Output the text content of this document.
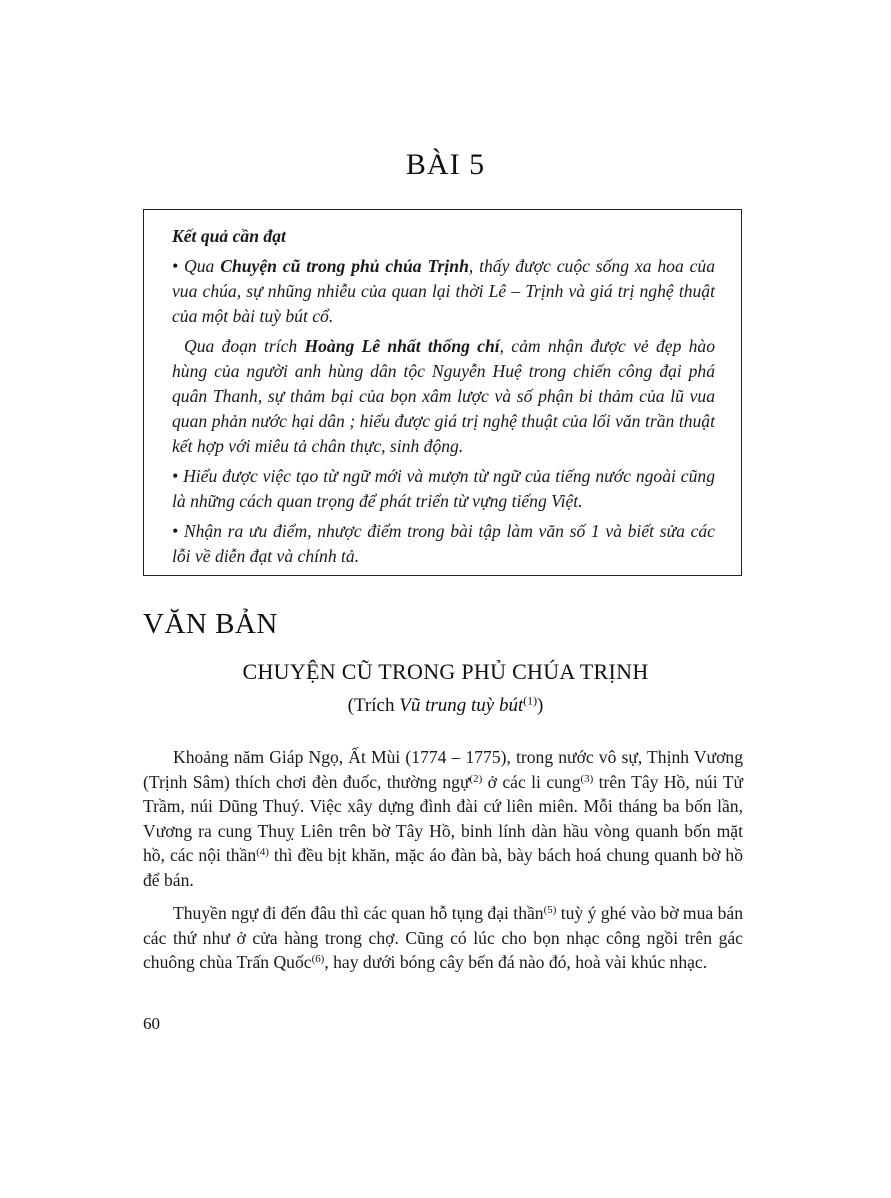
BÀI 5
Kết quả cần đạt
• Qua Chuyện cũ trong phủ chúa Trịnh, thấy được cuộc sống xa hoa của vua chúa, sự nhũng nhiễu của quan lại thời Lê – Trịnh và giá trị nghệ thuật của một bài tuỳ bút cổ.
Qua đoạn trích Hoàng Lê nhất thống chí, cảm nhận được vẻ đẹp hào hùng của người anh hùng dân tộc Nguyễn Huệ trong chiến công đại phá quân Thanh, sự thảm bại của bọn xâm lược và số phận bi thảm của lũ vua quan phản nước hại dân ; hiểu được giá trị nghệ thuật của lối văn trần thuật kết hợp với miêu tả chân thực, sinh động.
• Hiểu được việc tạo từ ngữ mới và mượn từ ngữ của tiếng nước ngoài cũng là những cách quan trọng để phát triển từ vựng tiếng Việt.
• Nhận ra ưu điểm, nhược điểm trong bài tập làm văn số 1 và biết sửa các lỗi về diễn đạt và chính tả.
VĂN BẢN
CHUYỆN CŨ TRONG PHỦ CHÚA TRỊNH
(Trích Vũ trung tuỳ bút$^{(1)}$)

Khoảng năm Giáp Ngọ, Ất Mùi (1774 – 1775), trong nước vô sự, Thịnh Vương (Trịnh Sâm) thích chơi đèn đuốc, thường ngự$^{(2)}$ ở các li cung$^{(3)}$ trên Tây Hồ, núi Tử Trầm, núi Dũng Thuý. Việc xây dựng đình đài cứ liên miên. Mỗi tháng ba bốn lần, Vương ra cung Thuỵ Liên trên bờ Tây Hồ, binh lính dàn hầu vòng quanh bốn mặt hồ, các nội thần$^{(4)}$ thì đều bịt khăn, mặc áo đàn bà, bày bách hoá chung quanh bờ hồ để bán.

Thuyền ngự đi đến đâu thì các quan hỗ tụng đại thần$^{(5)}$ tuỳ ý ghé vào bờ mua bán các thứ như ở cửa hàng trong chợ. Cũng có lúc cho bọn nhạc công ngồi trên gác chuông chùa Trấn Quốc$^{(6)}$, hay dưới bóng cây bến đá nào đó, hoà vài khúc nhạc.

60
